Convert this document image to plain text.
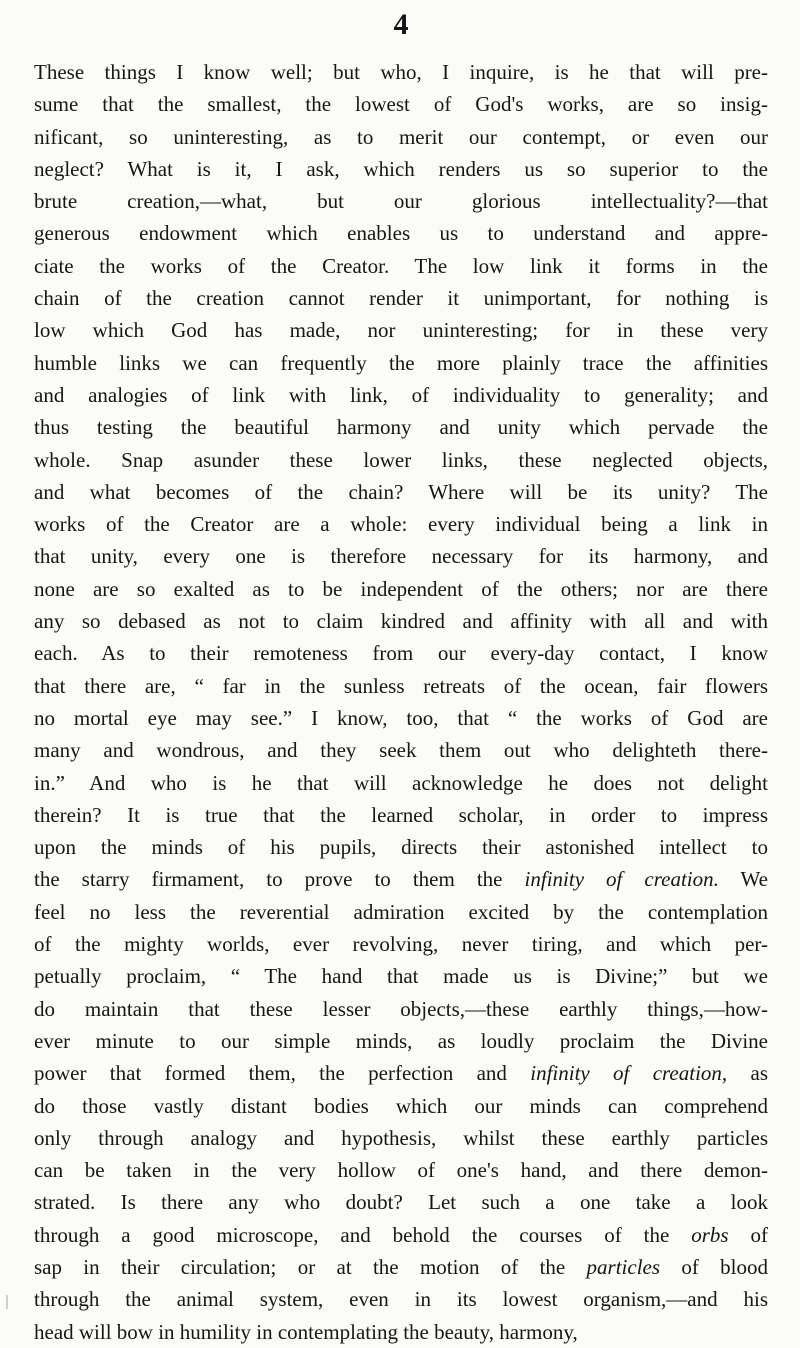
4
These things I know well; but who, I inquire, is he that will pre-
sume that the smallest, the lowest of God's works, are so insig-
nificant, so uninteresting, as to merit our contempt, or even our
neglect? What is it, I ask, which renders us so superior to the
brute creation,—what, but our glorious intellectuality?—that
generous endowment which enables us to understand and appre-
ciate the works of the Creator. The low link it forms in the
chain of the creation cannot render it unimportant, for nothing is
low which God has made, nor uninteresting; for in these very
humble links we can frequently the more plainly trace the affinities
and analogies of link with link, of individuality to generality; and
thus testing the beautiful harmony and unity which pervade the
whole. Snap asunder these lower links, these neglected objects,
and what becomes of the chain? Where will be its unity? The
works of the Creator are a whole: every individual being a link in
that unity, every one is therefore necessary for its harmony, and
none are so exalted as to be independent of the others; nor are there
any so debased as not to claim kindred and affinity with all and with
each. As to their remoteness from our every-day contact, I know
that there are, “ far in the sunless retreats of the ocean, fair flowers
no mortal eye may see.” I know, too, that “ the works of God are
many and wondrous, and they seek them out who delighteth there-
in.” And who is he that will acknowledge he does not delight
therein? It is true that the learned scholar, in order to impress
upon the minds of his pupils, directs their astonished intellect to
the starry firmament, to prove to them the infinity of creation. We
feel no less the reverential admiration excited by the contemplation
of the mighty worlds, ever revolving, never tiring, and which per-
petually proclaim, “ The hand that made us is Divine;” but we
do maintain that these lesser objects,—these earthly things,—how-
ever minute to our simple minds, as loudly proclaim the Divine
power that formed them, the perfection and infinity of creation, as
do those vastly distant bodies which our minds can comprehend
only through analogy and hypothesis, whilst these earthly particles
can be taken in the very hollow of one's hand, and there demon-
strated. Is there any who doubt? Let such a one take a look
through a good microscope, and behold the courses of the orbs of
sap in their circulation; or at the motion of the particles of blood
through the animal system, even in its lowest organism,—and his
head will bow in humility in contemplating the beauty, harmony,
